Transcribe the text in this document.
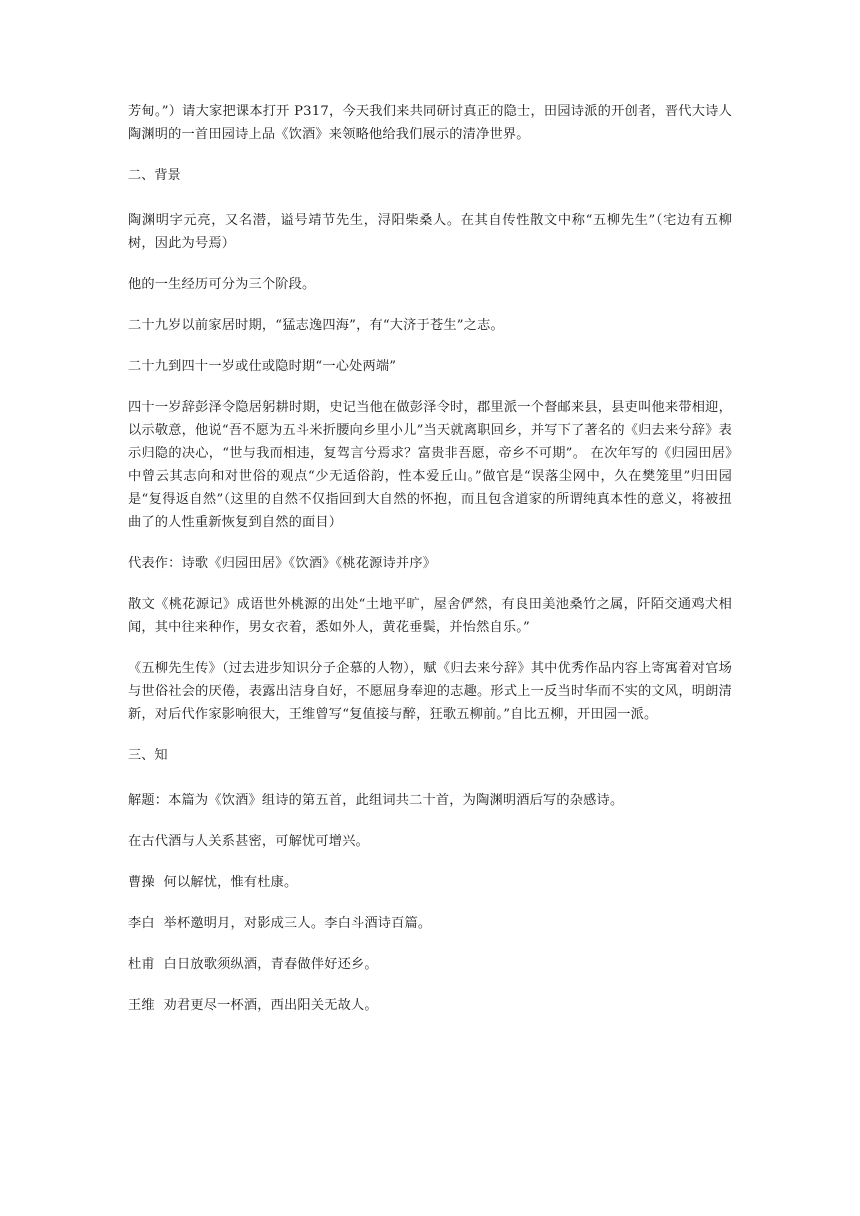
芳甸。”）请大家把课本打开 P317，今天我们来共同研讨真正的隐士，田园诗派的开创者，晋代大诗人陶渊明的一首田园诗上品《饮酒》来领略他给我们展示的清净世界。

二、背景

陶渊明字元亮，又名潜，谥号靖节先生，浔阳柴桑人。在其自传性散文中称“五柳先生”（宅边有五柳树，因此为号焉）

他的一生经历可分为三个阶段。

二十九岁以前家居时期，“猛志逸四海”，有“大济于苍生”之志。

二十九到四十一岁或仕或隐时期“一心处两端”

四十一岁辞彭泽令隐居躬耕时期，史记当他在做彭泽令时，郡里派一个督邮来县，县吏叫他来带相迎，以示敬意，他说“吾不愿为五斗米折腰向乡里小儿”当天就离职回乡，并写下了著名的《归去来兮辞》表示归隐的决心，“世与我而相违，复驾言兮焉求？富贵非吾愿，帝乡不可期”。 在次年写的《归园田居》中曾云其志向和对世俗的观点“少无适俗韵，性本爱丘山。”做官是“误落尘网中，久在樊笼里”归田园是“复得返自然”（这里的自然不仅指回到大自然的怀抱，而且包含道家的所谓纯真本性的意义，将被扭曲了的人性重新恢复到自然的面目）

代表作：诗歌《归园田居》《饮酒》《桃花源诗并序》

散文《桃花源记》成语世外桃源的出处“土地平旷，屋舍俨然，有良田美池桑竹之属，阡陌交通鸡犬相闻，其中往来种作，男女衣着，悉如外人，黄花垂鬓，并怡然自乐。”

《五柳先生传》（过去进步知识分子企慕的人物），赋《归去来兮辞》其中优秀作品内容上寄寓着对官场与世俗社会的厌倦，表露出洁身自好，不愿屈身奉迎的志趣。形式上一反当时华而不实的文风，明朗清新，对后代作家影响很大，王维曾写“复值接与醉，狂歌五柳前。”自比五柳，开田园一派。

三、知

解题：本篇为《饮酒》组诗的第五首，此组词共二十首，为陶渊明酒后写的杂感诗。

在古代酒与人关系甚密，可解忧可增兴。

曹操  何以解忧，惟有杜康。

李白  举杯邀明月，对影成三人。李白斗酒诗百篇。

杜甫  白日放歌须纵酒，青春做伴好还乡。

王维  劝君更尽一杯酒，西出阳关无故人。
